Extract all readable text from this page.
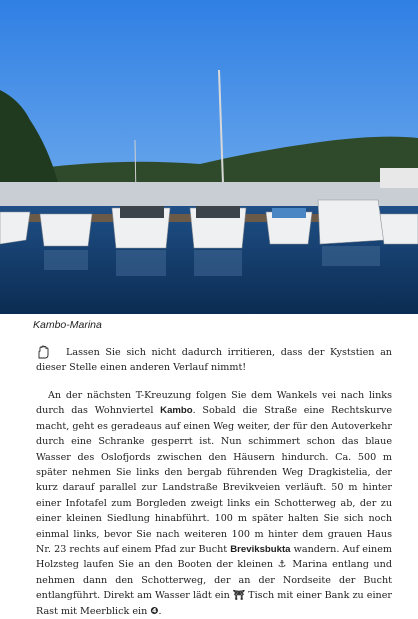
Kambo-Marina

Lassen Sie sich nicht dadurch irritieren, dass der Kyststien an dieser Stelle einen anderen Verlauf nimmt!

An der nächsten T-Kreuzung folgen Sie dem Wankels vei nach links durch das Wohnviertel Kambo. Sobald die Straße eine Rechtskurve macht, geht es geradeaus auf einen Weg weiter, der für den Autoverkehr durch eine Schranke gesperrt ist. Nun schimmert schon das blaue Wasser des Oslofjords zwischen den Häusern hindurch. Ca. 500 m später nehmen Sie links den bergab führenden Weg Dragkistelia, der kurz darauf parallel zur Landstraße Brevikveien verläuft. 50 m hinter einer Infotafel zum Borgleden zweigt links ein Schotterweg ab, der zu einer kleinen Siedlung hinabführt. 100 m später halten Sie sich noch einmal links, bevor Sie nach weiteren 100 m hinter dem grauen Haus Nr. 23 rechts auf einem Pfad zur Bucht Breviksbukta wandern. Auf einem Holzsteg laufen Sie an den Booten der kleinen ⚓ Marina entlang und nehmen dann den Schotterweg, der an der Nordseite der Bucht entlangführt. Direkt am Wasser lädt ein ⛩ Tisch mit einer Bank zu einer Rast mit Meerblick ein ❹.
